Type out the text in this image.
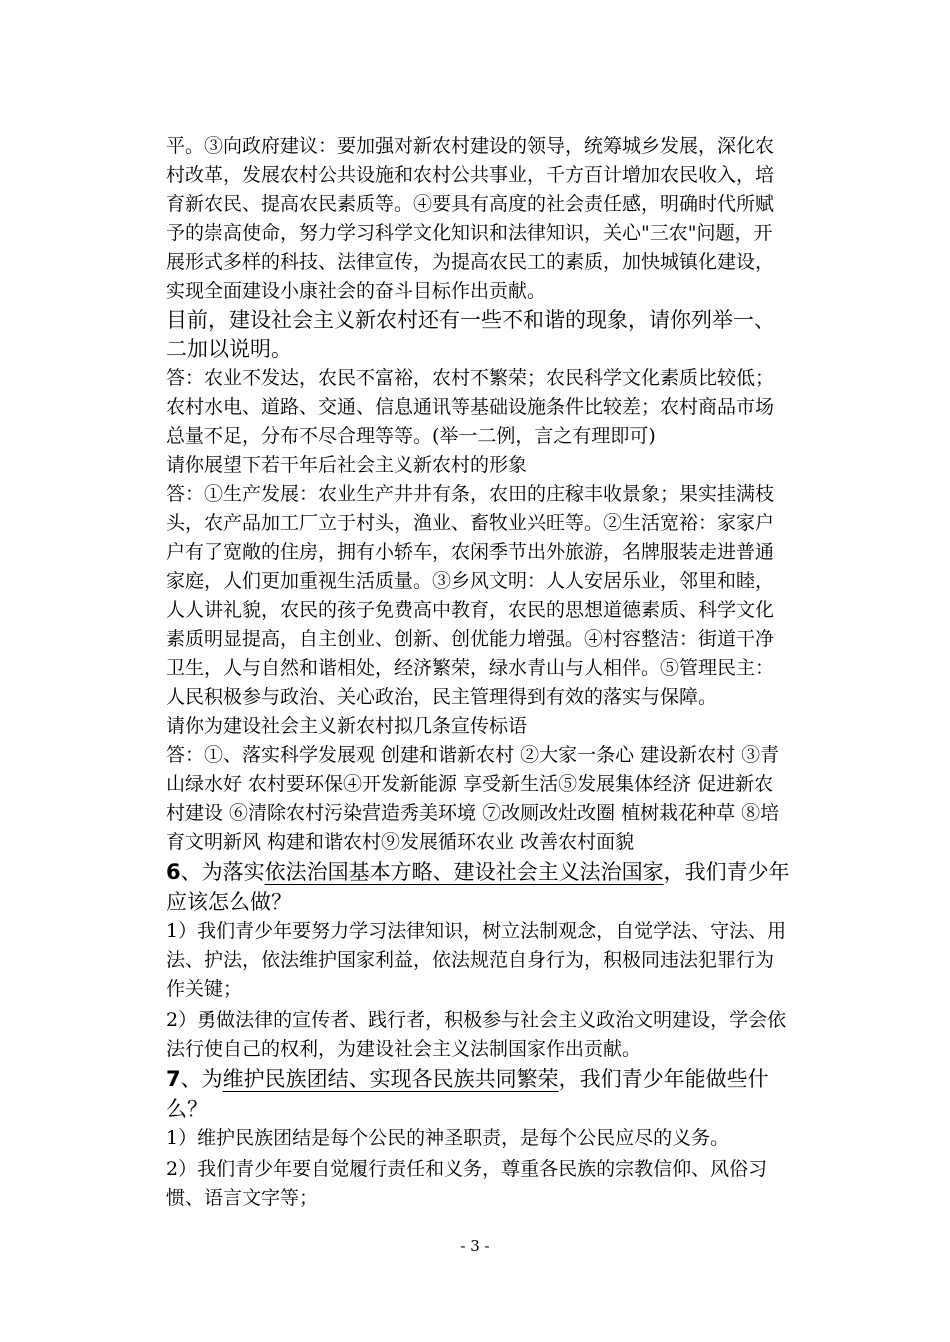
平。③向政府建议：要加强对新农村建设的领导，统筹城乡发展，深化农村改革，发展农村公共设施和农村公共事业，千方百计增加农民收入，培育新农民、提高农民素质等。④要具有高度的社会责任感，明确时代所赋予的崇高使命，努力学习科学文化知识和法律知识，关心"三农"问题，开展形式多样的科技、法律宣传，为提高农民工的素质，加快城镇化建设，实现全面建设小康社会的奋斗目标作出贡献。

目前，建设社会主义新农村还有一些不和谐的现象，请你列举一、二加以说明。

答：农业不发达，农民不富裕，农村不繁荣；农民科学文化素质比较低；农村水电、道路、交通、信息通讯等基础设施条件比较差；农村商品市场总量不足，分布不尽合理等等。(举一二例，言之有理即可)

请你展望下若干年后社会主义新农村的形象

答：①生产发展：农业生产井井有条，农田的庄稼丰收景象；果实挂满枝头，农产品加工厂立于村头，渔业、畜牧业兴旺等。②生活宽裕：家家户户有了宽敞的住房，拥有小轿车，农闲季节出外旅游，名牌服装走进普通家庭，人们更加重视生活质量。③乡风文明：人人安居乐业，邻里和睦，人人讲礼貌，农民的孩子免费高中教育，农民的思想道德素质、科学文化素质明显提高，自主创业、创新、创优能力增强。④村容整洁：街道干净卫生，人与自然和谐相处，经济繁荣，绿水青山与人相伴。⑤管理民主：人民积极参与政治、关心政治，民主管理得到有效的落实与保障。

请你为建设社会主义新农村拟几条宣传标语

答：①、落实科学发展观 创建和谐新农村 ②大家一条心 建设新农村 ③青山绿水好 农村要环保④开发新能源 享受新生活⑤发展集体经济 促进新农村建设 ⑥清除农村污染营造秀美环境 ⑦改厕改灶改圈 植树栽花种草 ⑧培育文明新风 构建和谐农村⑨发展循环农业 改善农村面貌

6、为落实依法治国基本方略、建设社会主义法治国家，我们青少年应该怎么做？

1）我们青少年要努力学习法律知识，树立法制观念，自觉学法、守法、用法、护法，依法维护国家利益，依法规范自身行为，积极同违法犯罪行为作关键；

2）勇做法律的宣传者、践行者，积极参与社会主义政治文明建设，学会依法行使自己的权利，为建设社会主义法制国家作出贡献。

7、为维护民族团结、实现各民族共同繁荣，我们青少年能做些什么？

1）维护民族团结是每个公民的神圣职责，是每个公民应尽的义务。

2）我们青少年要自觉履行责任和义务，尊重各民族的宗教信仰、风俗习惯、语言文字等；

- 3 -
